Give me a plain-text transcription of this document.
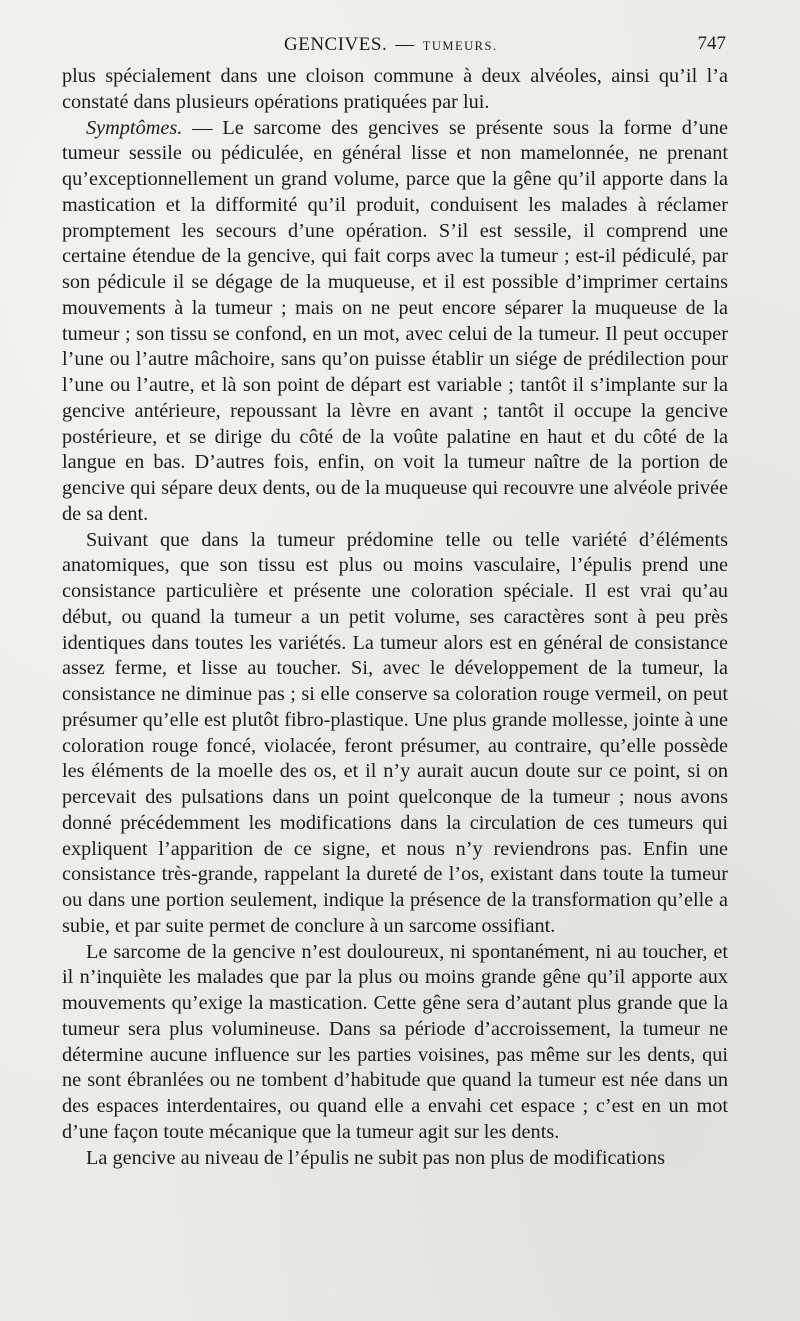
GENCIVES. — TUMEURS.	747

plus spécialement dans une cloison commune à deux alvéoles, ainsi qu’il l’a constaté dans plusieurs opérations pratiquées par lui.

Symptômes. — Le sarcome des gencives se présente sous la forme d’une tumeur sessile ou pédiculée, en général lisse et non mamelonnée, ne prenant qu’exceptionnellement un grand volume, parce que la gêne qu’il apporte dans la mastication et la difformité qu’il produit, conduisent les malades à réclamer promptement les secours d’une opération. S’il est sessile, il comprend une certaine étendue de la gencive, qui fait corps avec la tumeur ; est-il pédiculé, par son pédicule il se dégage de la muqueuse, et il est possible d’imprimer certains mouvements à la tumeur ; mais on ne peut encore séparer la muqueuse de la tumeur ; son tissu se confond, en un mot, avec celui de la tumeur. Il peut occuper l’une ou l’autre mâchoire, sans qu’on puisse établir un siége de prédilection pour l’une ou l’autre, et là son point de départ est variable ; tantôt il s’implante sur la gencive antérieure, repoussant la lèvre en avant ; tantôt il occupe la gencive postérieure, et se dirige du côté de la voûte palatine en haut et du côté de la langue en bas. D’autres fois, enfin, on voit la tumeur naître de la portion de gencive qui sépare deux dents, ou de la muqueuse qui recouvre une alvéole privée de sa dent.

Suivant que dans la tumeur prédomine telle ou telle variété d’éléments anatomiques, que son tissu est plus ou moins vasculaire, l’épulis prend une consistance particulière et présente une coloration spéciale. Il est vrai qu’au début, ou quand la tumeur a un petit volume, ses caractères sont à peu près identiques dans toutes les variétés. La tumeur alors est en général de consistance assez ferme, et lisse au toucher. Si, avec le développement de la tumeur, la consistance ne diminue pas ; si elle conserve sa coloration rouge vermeil, on peut présumer qu’elle est plutôt fibro-plastique. Une plus grande mollesse, jointe à une coloration rouge foncé, violacée, feront présumer, au contraire, qu’elle possède les éléments de la moelle des os, et il n’y aurait aucun doute sur ce point, si on percevait des pulsations dans un point quelconque de la tumeur ; nous avons donné précédemment les modifications dans la circulation de ces tumeurs qui expliquent l’apparition de ce signe, et nous n’y reviendrons pas. Enfin une consistance très-grande, rappelant la dureté de l’os, existant dans toute la tumeur ou dans une portion seulement, indique la présence de la transformation qu’elle a subie, et par suite permet de conclure à un sarcome ossifiant.

Le sarcome de la gencive n’est douloureux, ni spontanément, ni au toucher, et il n’inquiète les malades que par la plus ou moins grande gêne qu’il apporte aux mouvements qu’exige la mastication. Cette gêne sera d’autant plus grande que la tumeur sera plus volumineuse. Dans sa période d’accroissement, la tumeur ne détermine aucune influence sur les parties voisines, pas même sur les dents, qui ne sont ébranlées ou ne tombent d’habitude que quand la tumeur est née dans un des espaces interdentaires, ou quand elle a envahi cet espace ; c’est en un mot d’une façon toute mécanique que la tumeur agit sur les dents.

La gencive au niveau de l’épulis ne subit pas non plus de modifications
